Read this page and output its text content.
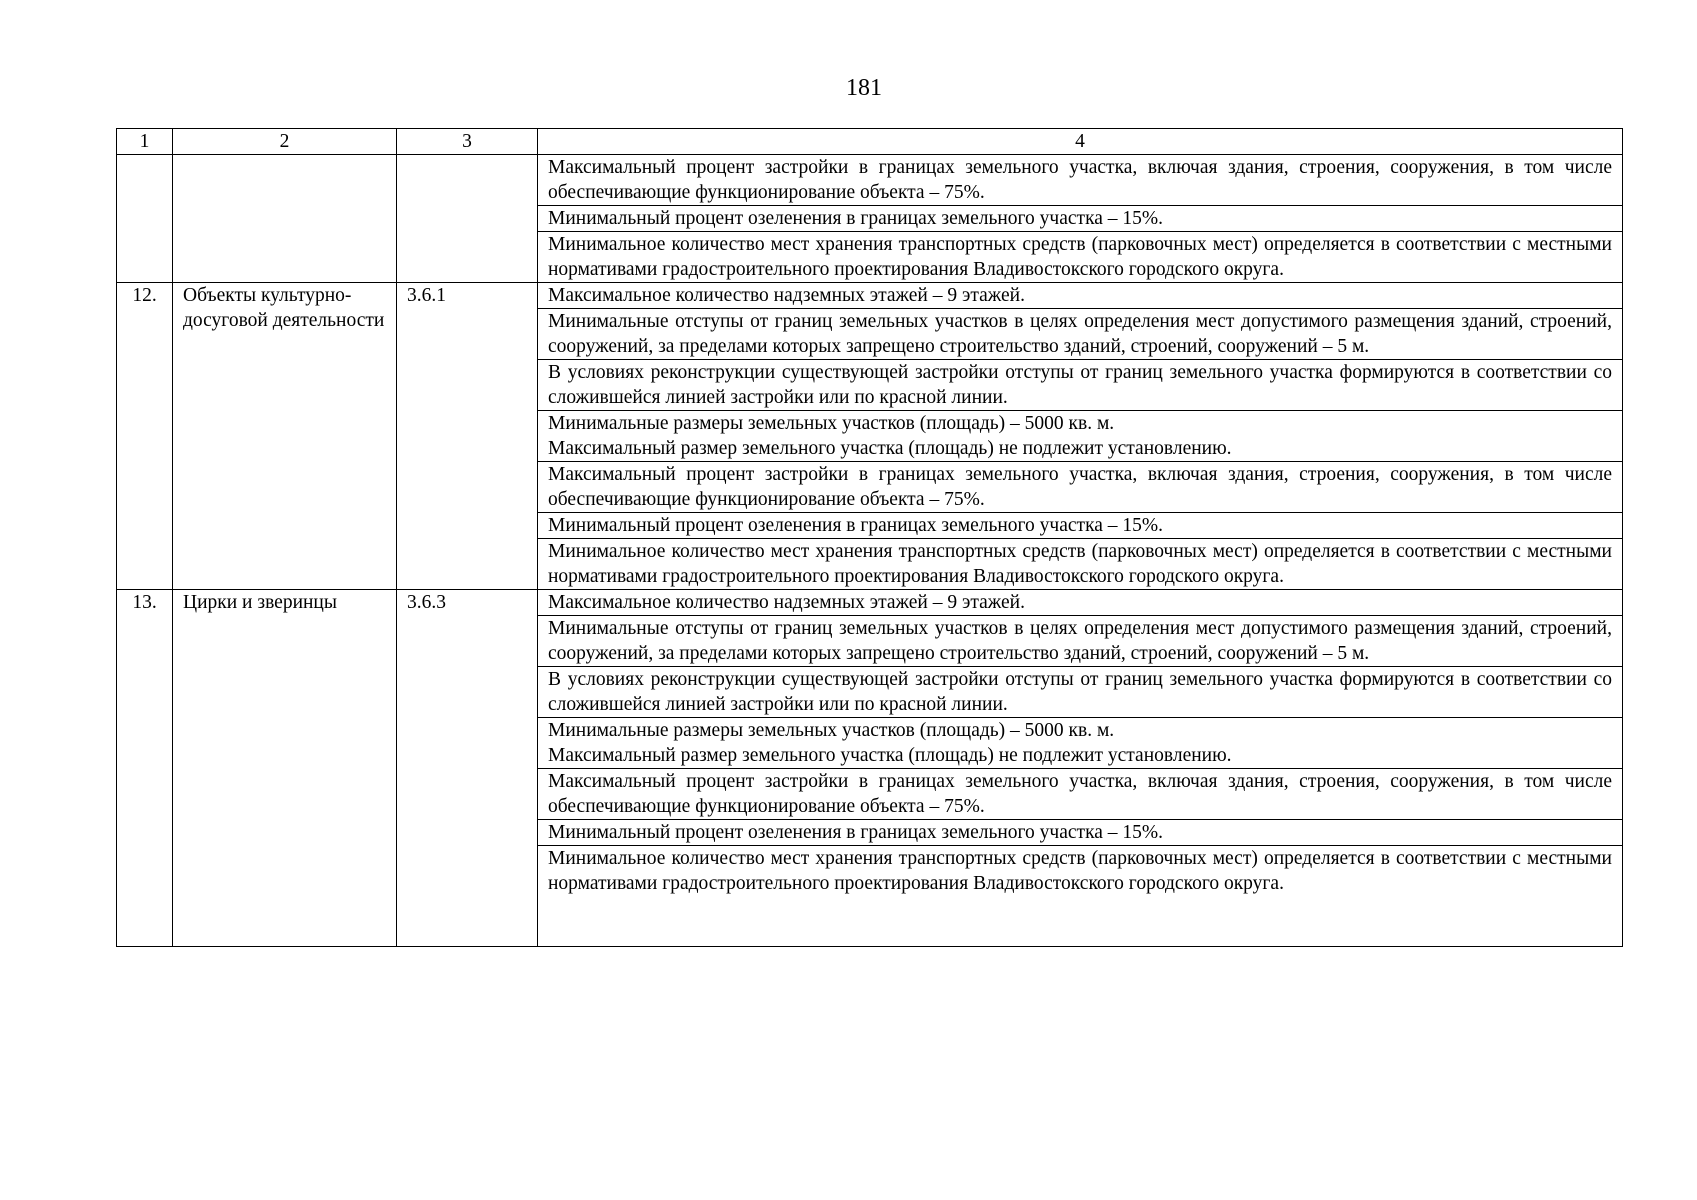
181
1	2	3	4
			Максимальный процент застройки в границах земельного участка, включая здания, строения, сооружения, в том числе обеспечивающие функционирование объекта – 75%.
			Минимальный процент озеленения в границах земельного участка – 15%.
			Минимальное количество мест хранения транспортных средств (парковочных мест) определяется в соответствии с местными нормативами градостроительного проектирования Владивостокского городского округа.
12.	Объекты культурно-досуговой деятельности	3.6.1	Максимальное количество надземных этажей – 9 этажей.
			Минимальные отступы от границ земельных участков в целях определения мест допустимого размещения зданий, строений, сооружений, за пределами которых запрещено строительство зданий, строений, сооружений – 5 м.
			В условиях реконструкции существующей застройки отступы от границ земельного участка формируются в соответствии со сложившейся линией застройки или по красной линии.

			Минимальные размеры земельных участков (площадь) – 5000 кв. м.
Максимальный размер земельного участка (площадь) не подлежит установлению.

			Максимальный процент застройки в границах земельного участка, включая здания, строения, сооружения, в том числе обеспечивающие функционирование объекта – 75%.
			Минимальный процент озеленения в границах земельного участка – 15%.
			Минимальное количество мест хранения транспортных средств (парковочных мест) определяется в соответствии с местными нормативами градостроительного проектирования Владивостокского городского округа.
13.	Цирки и зверинцы	3.6.3	Максимальное количество надземных этажей – 9 этажей.
			Минимальные отступы от границ земельных участков в целях определения мест допустимого размещения зданий, строений, сооружений, за пределами которых запрещено строительство зданий, строений, сооружений – 5 м.
			В условиях реконструкции существующей застройки отступы от границ земельного участка формируются в соответствии со сложившейся линией застройки или по красной линии.

			Минимальные размеры земельных участков (площадь) – 5000 кв. м.
Максимальный размер земельного участка (площадь) не подлежит установлению.

			Максимальный процент застройки в границах земельного участка, включая здания, строения, сооружения, в том числе обеспечивающие функционирование объекта – 75%.
			Минимальный процент озеленения в границах земельного участка – 15%.
			Минимальное количество мест хранения транспортных средств (парковочных мест) определяется в соответствии с местными нормативами градостроительного проектирования Владивостокского городского округа.
